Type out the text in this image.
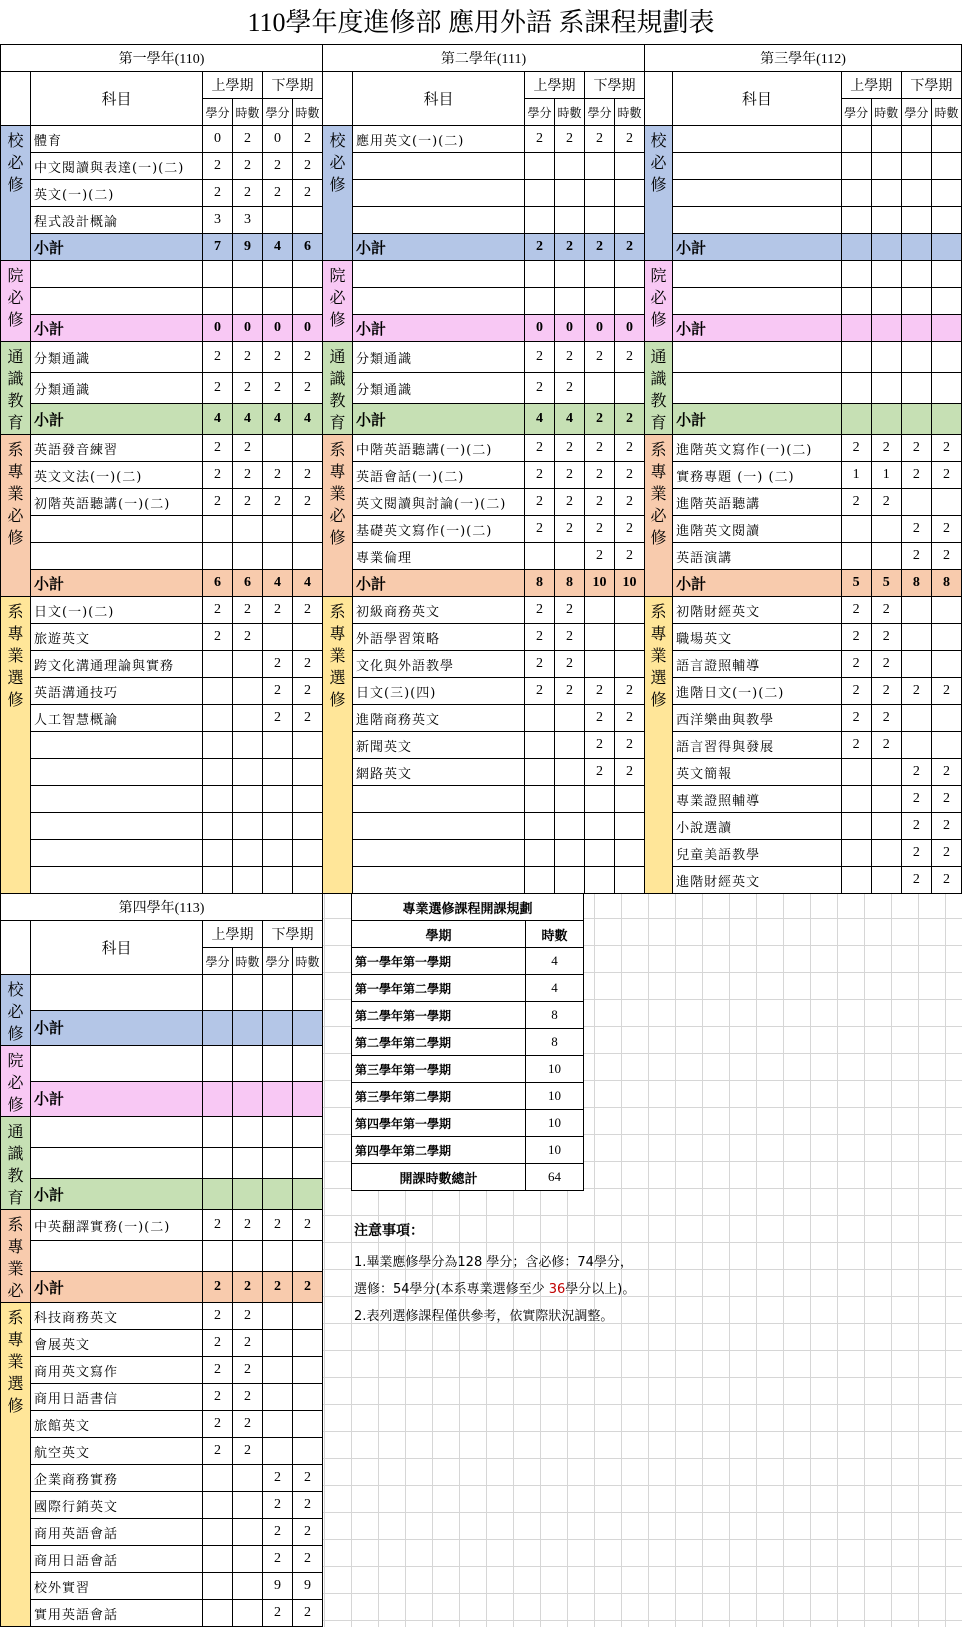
110學年度進修部 應用外語 系課程規劃表
第一學年(110)					
	科目	上學期		下學期	
		學分	時數	學分	時數
校必修	體育	0	2	0	2
	中文閱讀與表達(一)(二)	2	2	2	2
	英文(一)(二)	2	2	2	2
	程式設計概論	3	3		
	小計	7	9	4	6
院必修					

	小計	0	0	0	0
通識教育	分類通識	2	2	2	2
	分類通識	2	2	2	2
	小計	4	4	4	4
系專業必修	英語發音練習	2	2		
	英文文法(一)(二)	2	2	2	2
	初階英語聽講(一)(二)	2	2	2	2

	小計	6	6	4	4
系專業選修	日文(一)(二)	2	2	2	2
	旅遊英文	2	2		
	跨文化溝通理論與實務			2	2
	英語溝通技巧			2	2
	人工智慧概論			2	2

第二學年(111)					
	科目	上學期		下學期	
		學分	時數	學分	時數
校必修	應用英文(一)(二)	2	2	2	2

	小計	2	2	2	2
院必修					

	小計	0	0	0	0
通識教育	分類通識	2	2	2	2
	分類通識	2	2		
	小計	4	4	2	2
系專業必修	中階英語聽講(一)(二)	2	2	2	2
	英語會話(一)(二)	2	2	2	2
	英文閱讀與討論(一)(二)	2	2	2	2
	基礎英文寫作(一)(二)	2	2	2	2
	專業倫理			2	2
	小計	8	8	10	10
系專業選修	初級商務英文	2	2		
	外語學習策略	2	2		
	文化與外語教學	2	2		
	日文(三)(四)	2	2	2	2
	進階商務英文			2	2
	新聞英文			2	2
	網路英文			2	2

第三學年(112)					
	科目	上學期		下學期	
		學分	時數	學分	時數
校必修					

	小計				
院必修					

	小計				
通識教育					

	小計				
系專業必修	進階英文寫作(一)(二)	2	2	2	2
	實務專題 (一) (二)	1	1	2	2
	進階英語聽講	2	2		
	進階英文閱讀			2	2
	英語演講			2	2
	小計	5	5	8	8
系專業選修	初階財經英文	2	2		
	職場英文	2	2		
	語言證照輔導	2	2		
	進階日文(一)(二)	2	2	2	2
	西洋樂曲與教學	2	2		
	語言習得與發展	2	2		
	英文簡報			2	2
	專業證照輔導			2	2
	小說選讀			2	2
	兒童美語教學			2	2
	進階財經英文			2	2
第四學年(113)					
	科目	上學期		下學期	
		學分	時數	學分	時數
校必修					
	小計				
院必修					
	小計				
通識教育					

	小計				
系專業必	中英翻譯實務(一)(二)	2	2	2	2

	小計	2	2	2	2
系專業選修	科技商務英文	2	2		
	會展英文	2	2		
	商用英文寫作	2	2		
	商用日語書信	2	2		
	旅館英文	2	2		
	航空英文	2	2		
	企業商務實務			2	2
	國際行銷英文			2	2
	商用英語會話			2	2
	商用日語會話			2	2
	校外實習			9	9
	實用英語會話			2	2
專業選修課程開課規劃	
學期	時數
第一學年第一學期	4
第一學年第二學期	4
第二學年第一學期	8
第二學年第二學期	8
第三學年第一學期	10
第三學年第二學期	10
第四學年第一學期	10
第四學年第二學期	10
開課時數總計	64
注意事項：
1.畢業應修學分為128 學分；含必修：74學分，
選修：54學分(本系專業選修至少 36學分以上)。
2.表列選修課程僅供參考，依實際狀況調整。
